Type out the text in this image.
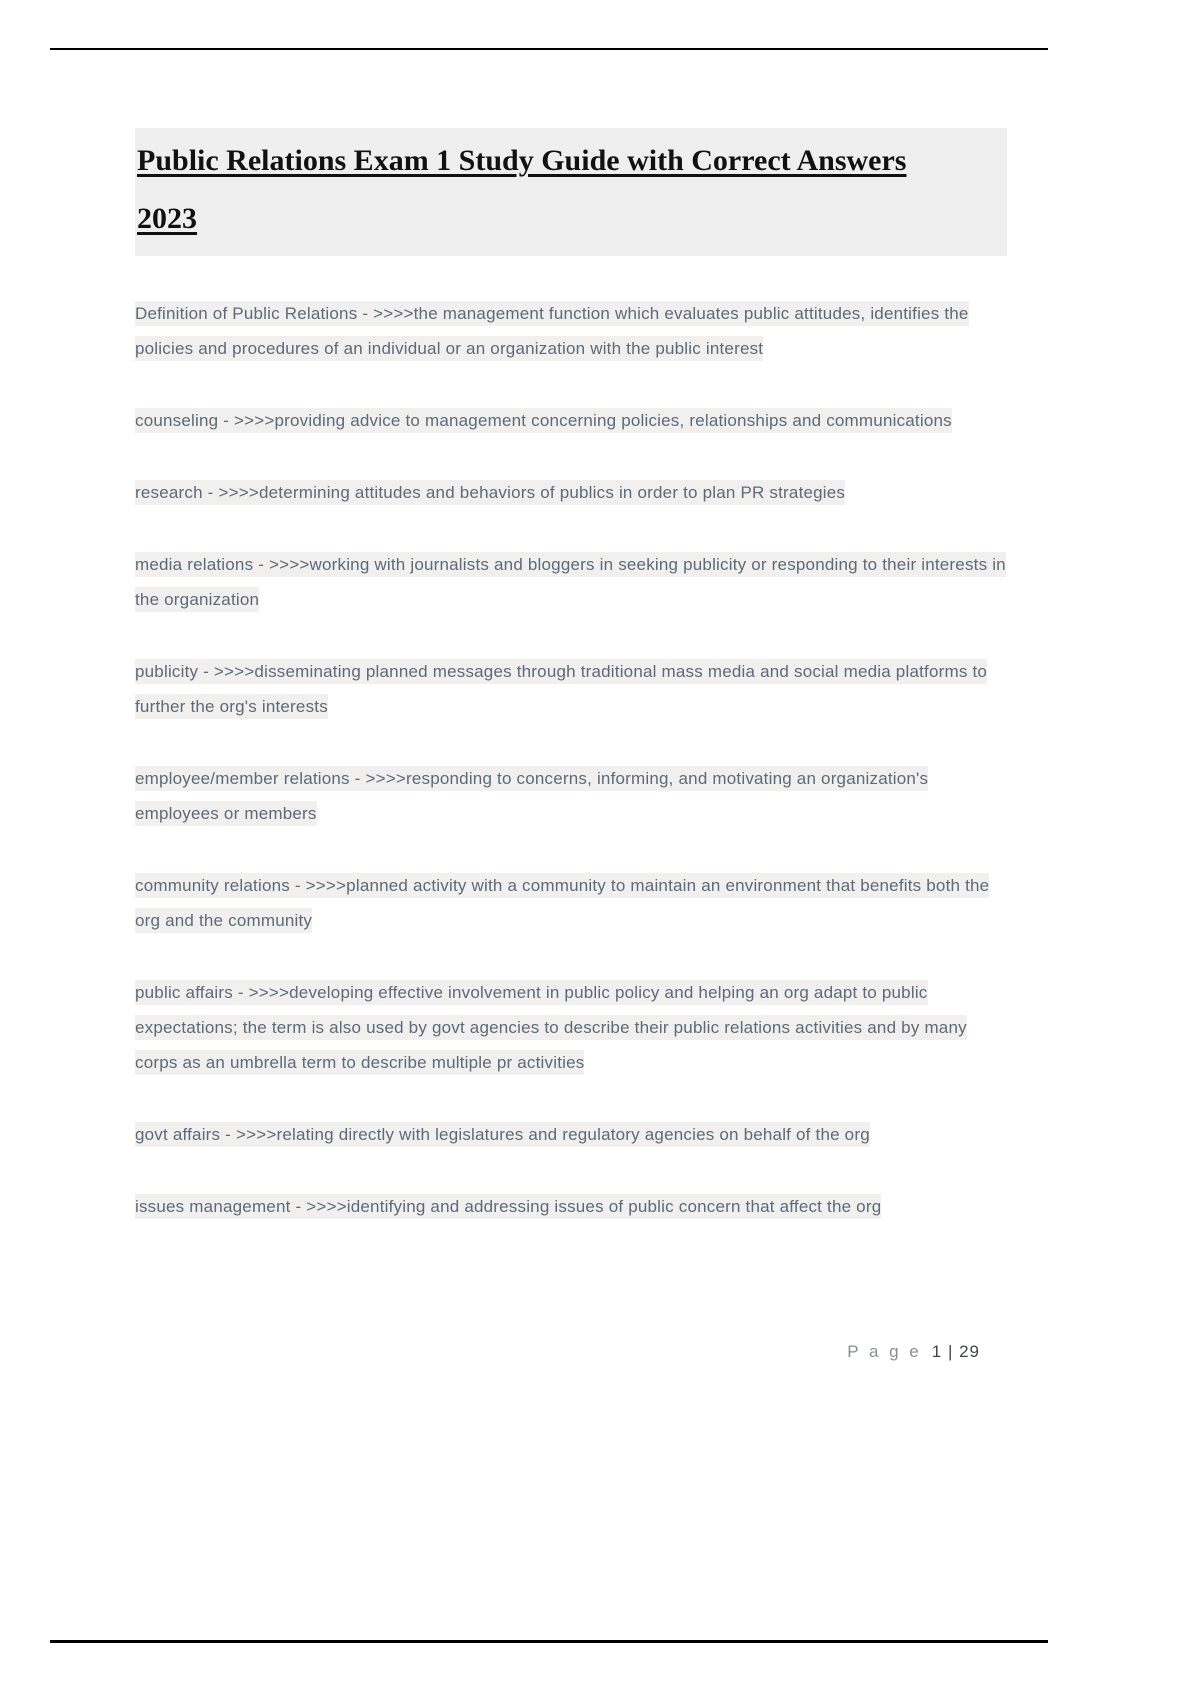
Public Relations Exam 1 Study Guide with Correct Answers
2023

Definition of Public Relations - >>>>the management function which evaluates public attitudes, identifies the policies and procedures of an individual or an organization with the public interest

counseling - >>>>providing advice to management concerning policies, relationships and communications

research - >>>>determining attitudes and behaviors of publics in order to plan PR strategies

media relations - >>>>working with journalists and bloggers in seeking publicity or responding to their interests in the organization

publicity - >>>>disseminating planned messages through traditional mass media and social media platforms to further the org's interests

employee/member relations - >>>>responding to concerns, informing, and motivating an organization's employees or members

community relations - >>>>planned activity with a community to maintain an environment that benefits both the org and the community

public affairs - >>>>developing effective involvement in public policy and helping an org adapt to public expectations; the term is also used by govt agencies to describe their public relations activities and by many corps as an umbrella term to describe multiple pr activities

govt affairs - >>>>relating directly with legislatures and regulatory agencies on behalf of the org

issues management - >>>>identifying and addressing issues of public concern that affect the org

P a g e 1 | 29
